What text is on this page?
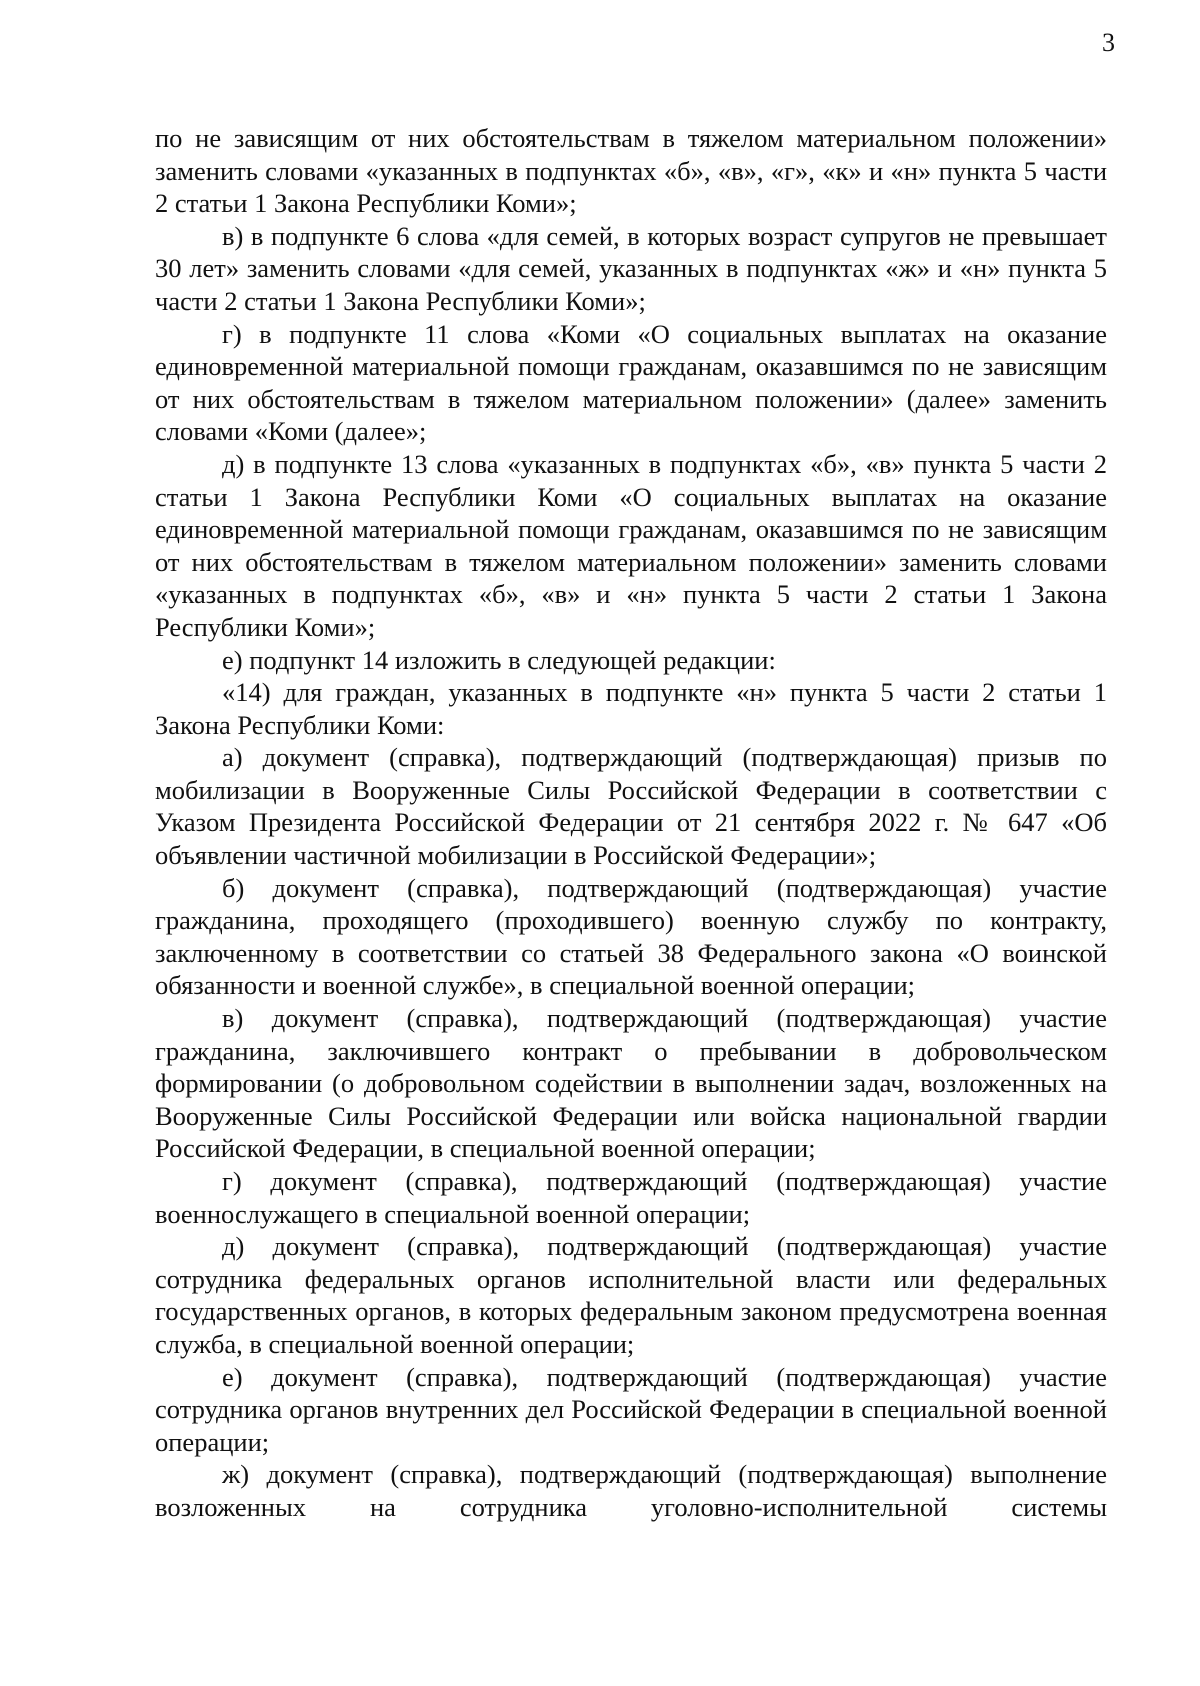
3

по не зависящим от них обстоятельствам в тяжелом материальном положении» заменить словами «указанных в подпунктах «б», «в», «г», «к» и «н» пункта 5 части 2 статьи 1 Закона Республики Коми»;

в) в подпункте 6 слова «для семей, в которых возраст супругов не превышает 30 лет» заменить словами «для семей, указанных в подпунктах «ж» и «н» пункта 5 части 2 статьи 1 Закона Республики Коми»;

г) в подпункте 11 слова «Коми «О социальных выплатах на оказание единовременной материальной помощи гражданам, оказавшимся по не зависящим от них обстоятельствам в тяжелом материальном положении» (далее» заменить словами «Коми (далее»;

д) в подпункте 13 слова «указанных в подпунктах «б», «в» пункта 5 части 2 статьи 1 Закона Республики Коми «О социальных выплатах на оказание единовременной материальной помощи гражданам, оказавшимся по не зависящим от них обстоятельствам в тяжелом материальном положении» заменить словами «указанных в подпунктах «б», «в» и «н» пункта 5 части 2 статьи 1 Закона Республики Коми»;

е) подпункт 14 изложить в следующей редакции:

«14) для граждан, указанных в подпункте «н» пункта 5 части 2 статьи 1 Закона Республики Коми:

а) документ (справка), подтверждающий (подтверждающая) призыв по мобилизации в Вооруженные Силы Российской Федерации в соответствии с Указом Президента Российской Федерации от 21 сентября 2022 г. № 647 «Об объявлении частичной мобилизации в Российской Федерации»;

б) документ (справка), подтверждающий (подтверждающая) участие гражданина, проходящего (проходившего) военную службу по контракту, заключенному в соответствии со статьей 38 Федерального закона «О воинской обязанности и военной службе», в специальной военной операции;

в) документ (справка), подтверждающий (подтверждающая) участие гражданина, заключившего контракт о пребывании в добровольческом формировании (о добровольном содействии в выполнении задач, возложенных на Вооруженные Силы Российской Федерации или войска национальной гвардии Российской Федерации, в специальной военной операции;

г) документ (справка), подтверждающий (подтверждающая) участие военнослужащего в специальной военной операции;

д) документ (справка), подтверждающий (подтверждающая) участие сотрудника федеральных органов исполнительной власти или федеральных государственных органов, в которых федеральным законом предусмотрена военная служба, в специальной военной операции;

е) документ (справка), подтверждающий (подтверждающая) участие сотрудника органов внутренних дел Российской Федерации в специальной военной операции;

ж) документ (справка), подтверждающий (подтверждающая) выполнение возложенных на сотрудника уголовно-исполнительной системы
